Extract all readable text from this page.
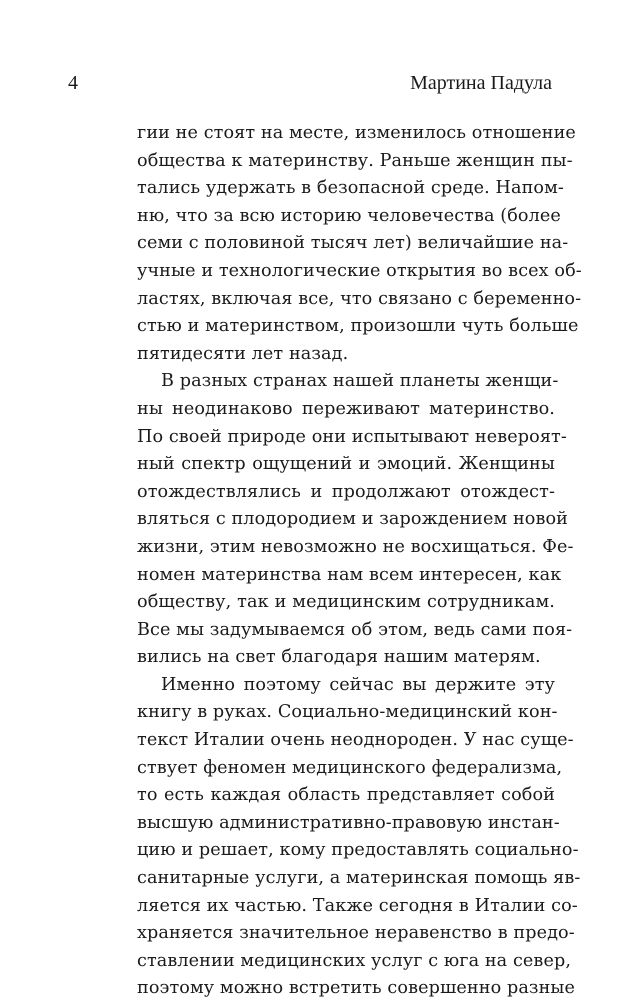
4	Мартина Падула
гии не стоят на месте, изменилось отношение
общества к материнству. Раньше женщин пы-
тались удержать в безопасной среде. Напом-
ню, что за всю историю человечества (более
семи с половиной тысяч лет) величайшие на-
учные и технологические открытия во всех об-
ластях, включая все, что связано с беременно-
стью и материнством, произошли чуть больше
пятидесяти лет назад.
В разных странах нашей планеты женщи-
ны неодинаково переживают материнство.
По своей природе они испытывают невероят-
ный спектр ощущений и эмоций. Женщины
отождествлялись и продолжают отождест-
вляться с плодородием и зарождением новой
жизни, этим невозможно не восхищаться. Фе-
номен материнства нам всем интересен, как
обществу, так и медицинским сотрудникам.
Все мы задумываемся об этом, ведь сами поя-
вились на свет благодаря нашим матерям.
Именно поэтому сейчас вы держите эту
книгу в руках. Социально-медицинский кон-
текст Италии очень неоднороден. У нас суще-
ствует феномен медицинского федерализма,
то есть каждая область представляет собой
высшую административно-правовую инстан-
цию и решает, кому предоставлять социально-
санитарные услуги, а материнская помощь яв-
ляется их частью. Также сегодня в Италии со-
храняется значительное неравенство в предо-
ставлении медицинских услуг с юга на север,
поэтому можно встретить совершенно разные
